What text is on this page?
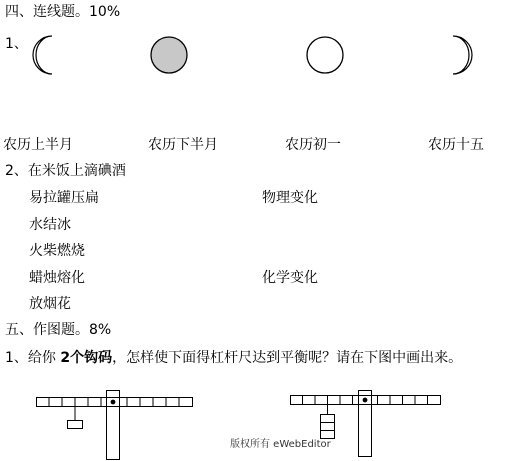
四、连线题。10%
1、
农历上半月	农历下半月	农历初一	农历十五
2、在米饭上滴碘酒
易拉罐压扁
水结冰
火柴燃烧
蜡烛熔化
放烟花
物理变化
化学变化
五、作图题。8%
1、给你 2个钩码，怎样使下面得杠杆尺达到平衡呢？请在下图中画出来。
版权所有 eWebEditor
